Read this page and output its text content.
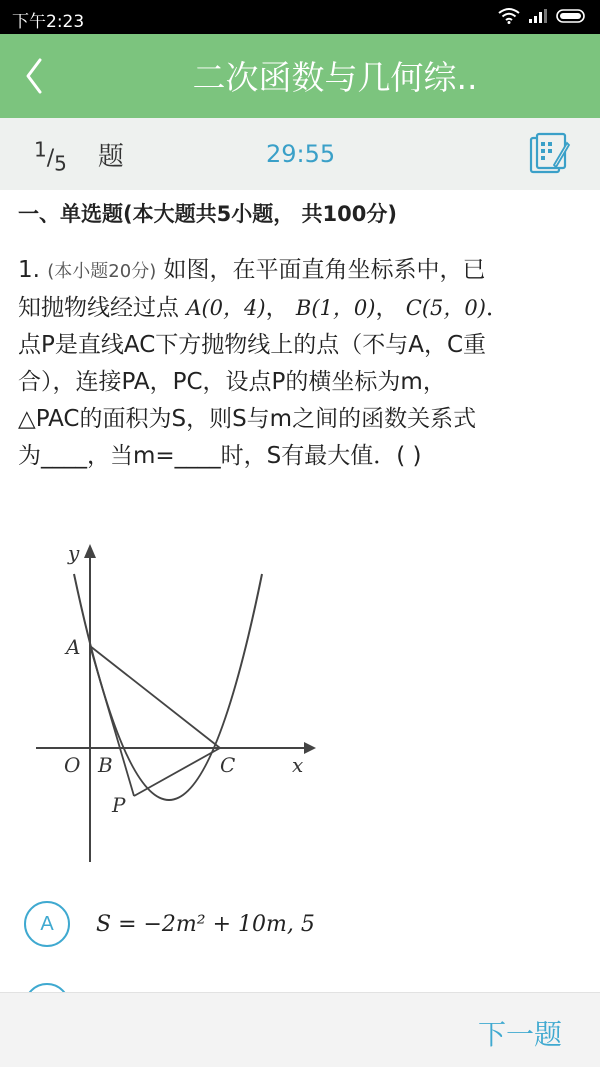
下午2:23
二次函数与几何综..
1/5 题	29:55
一、单选题(本大题共5小题， 共100分)
1. (本小题20分) 如图，在平面直角坐标系中，已
知抛物线经过点 A(0，4)， B(1，0)， C(5，0)．
点P是直线AC下方抛物线上的点（不与A，C重
合），连接PA，PC，设点P的横坐标为m，
△PAC的面积为S，则S与m之间的函数关系式
为____，当m=____时，S有最大值．( )
y
x
A
O B	C
P
A	S = −2m² + 10m, 5
下一题
